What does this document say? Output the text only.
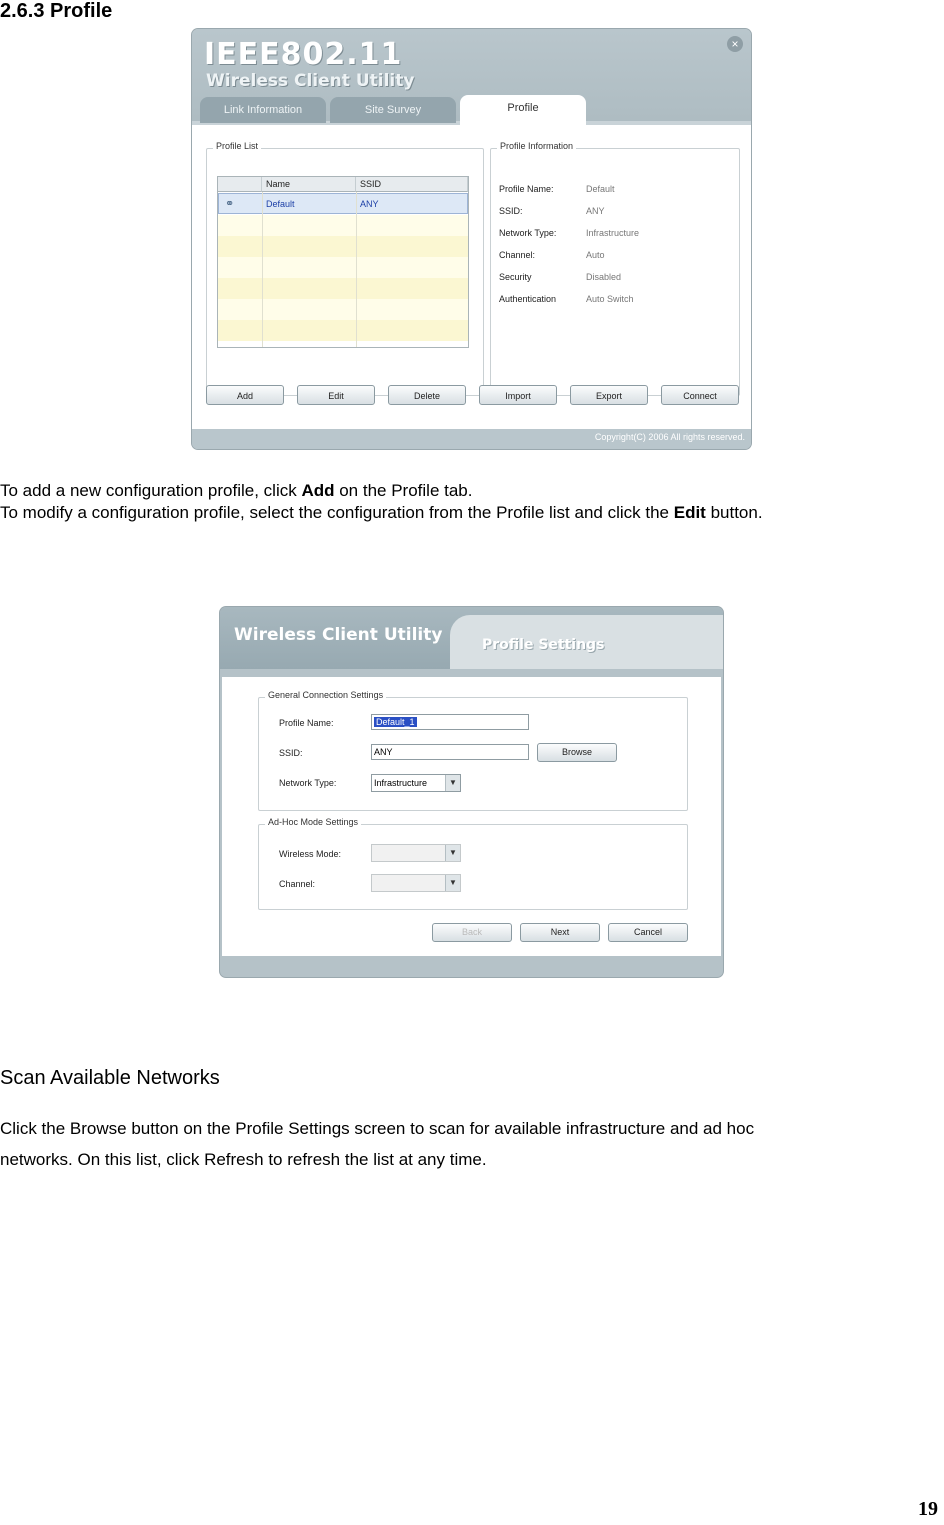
2.6.3 Profile
IEEE802.11
Wireless Client Utility
×
Link Information	Site Survey	Profile
Profile List
Name	SSID
⚭	Default	ANY
Profile Information
Profile Name:	Default
SSID:	ANY
Network Type:	Infrastructure
Channel:	Auto
Security	Disabled
Authentication	Auto Switch
Add	Edit	Delete	Import	Export	Connect
Copyright(C) 2006 All rights reserved.
To add a new configuration profile, click Add on the Profile tab.
To modify a configuration profile, select the configuration from the Profile list and click the Edit button.
Wireless Client Utility	Profile Settings
General Connection Settings
Profile Name:	Default_1
SSID:	ANY	Browse
Network Type:	Infrastructure	▼
Ad-Hoc Mode Settings
Wireless Mode:	▼
Channel:	▼
Back	Next	Cancel
Scan Available Networks
Click the Browse button on the Profile Settings screen to scan for available infrastructure and ad hoc
networks. On this list, click Refresh to refresh the list at any time.
19
